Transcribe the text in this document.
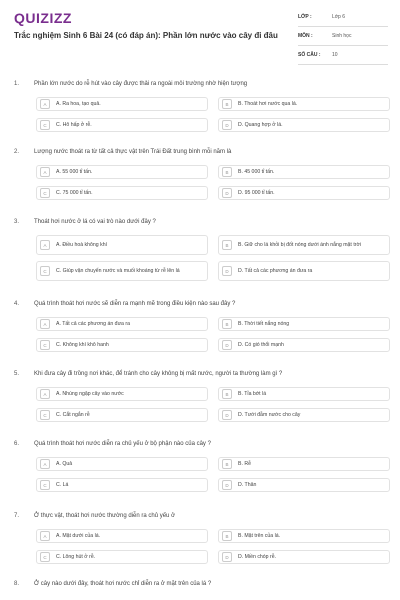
QUIZIZZ
Trắc nghiệm Sinh 6 Bài 24 (có đáp án): Phần lớn nước vào cây đi đâu
LỚP :	Lớp 6
MÔN :	Sinh học
SỐ CÂU :	10
1.	Phần lớn nước do rễ hút vào cây được thải ra ngoài môi trường nhờ hiện tượng
A	A. Ra hoa, tạo quả.	B	B. Thoát hơi nước qua lá.
C	C. Hô hấp ở rễ.	D	D. Quang hợp ở lá.
2.	Lượng nước thoát ra từ tất cả thực vật trên Trái Đất trung bình mỗi năm là
A	A. 55 000 tỉ tấn.	B	B. 45 000 tỉ tấn.
C	C. 75 000 tỉ tấn.	D	D. 95 000 tỉ tấn.
3.	Thoát hơi nước ở lá có vai trò nào dưới đây ?
A	A. Điều hoà không khí	B	B. Giữ cho lá khỏi bị đốt nóng dưới ánh nắng mặt trời
C	C. Giúp vận chuyển nước và muối khoáng từ rễ lên lá	D	D. Tất cả các phương án đưa ra
4.	Quá trình thoát hơi nước sẽ diễn ra mạnh mẽ trong điều kiện nào sau đây ?
A	A. Tất cả các phương án đưa ra	B	B. Thời tiết nắng nóng
C	C. Không khí khô hanh	D	D. Có gió thổi mạnh
5.	Khi đưa cây đi trồng nơi khác, để tránh cho cây không bị mất nước, người ta thường làm gì ?
A	A. Nhúng ngập cây vào nước	B	B. Tỉa bớt lá
C	C. Cắt ngắn rễ	D	D. Tưới đẫm nước cho cây
6.	Quá trình thoát hơi nước diễn ra chủ yếu ở bộ phận nào của cây ?
A	A. Quả	B	B. Rễ
C	C. Lá	D	D. Thân
7.	Ở thực vật, thoát hơi nước thường diễn ra chủ yếu ở
A	A. Mặt dưới của lá.	B	B. Mặt trên của lá.
C	C. Lông hút ở rễ.	D	D. Miền chóp rễ.
8.	Ở cây nào dưới đây, thoát hơi nước chỉ diễn ra ở mặt trên của lá ?
